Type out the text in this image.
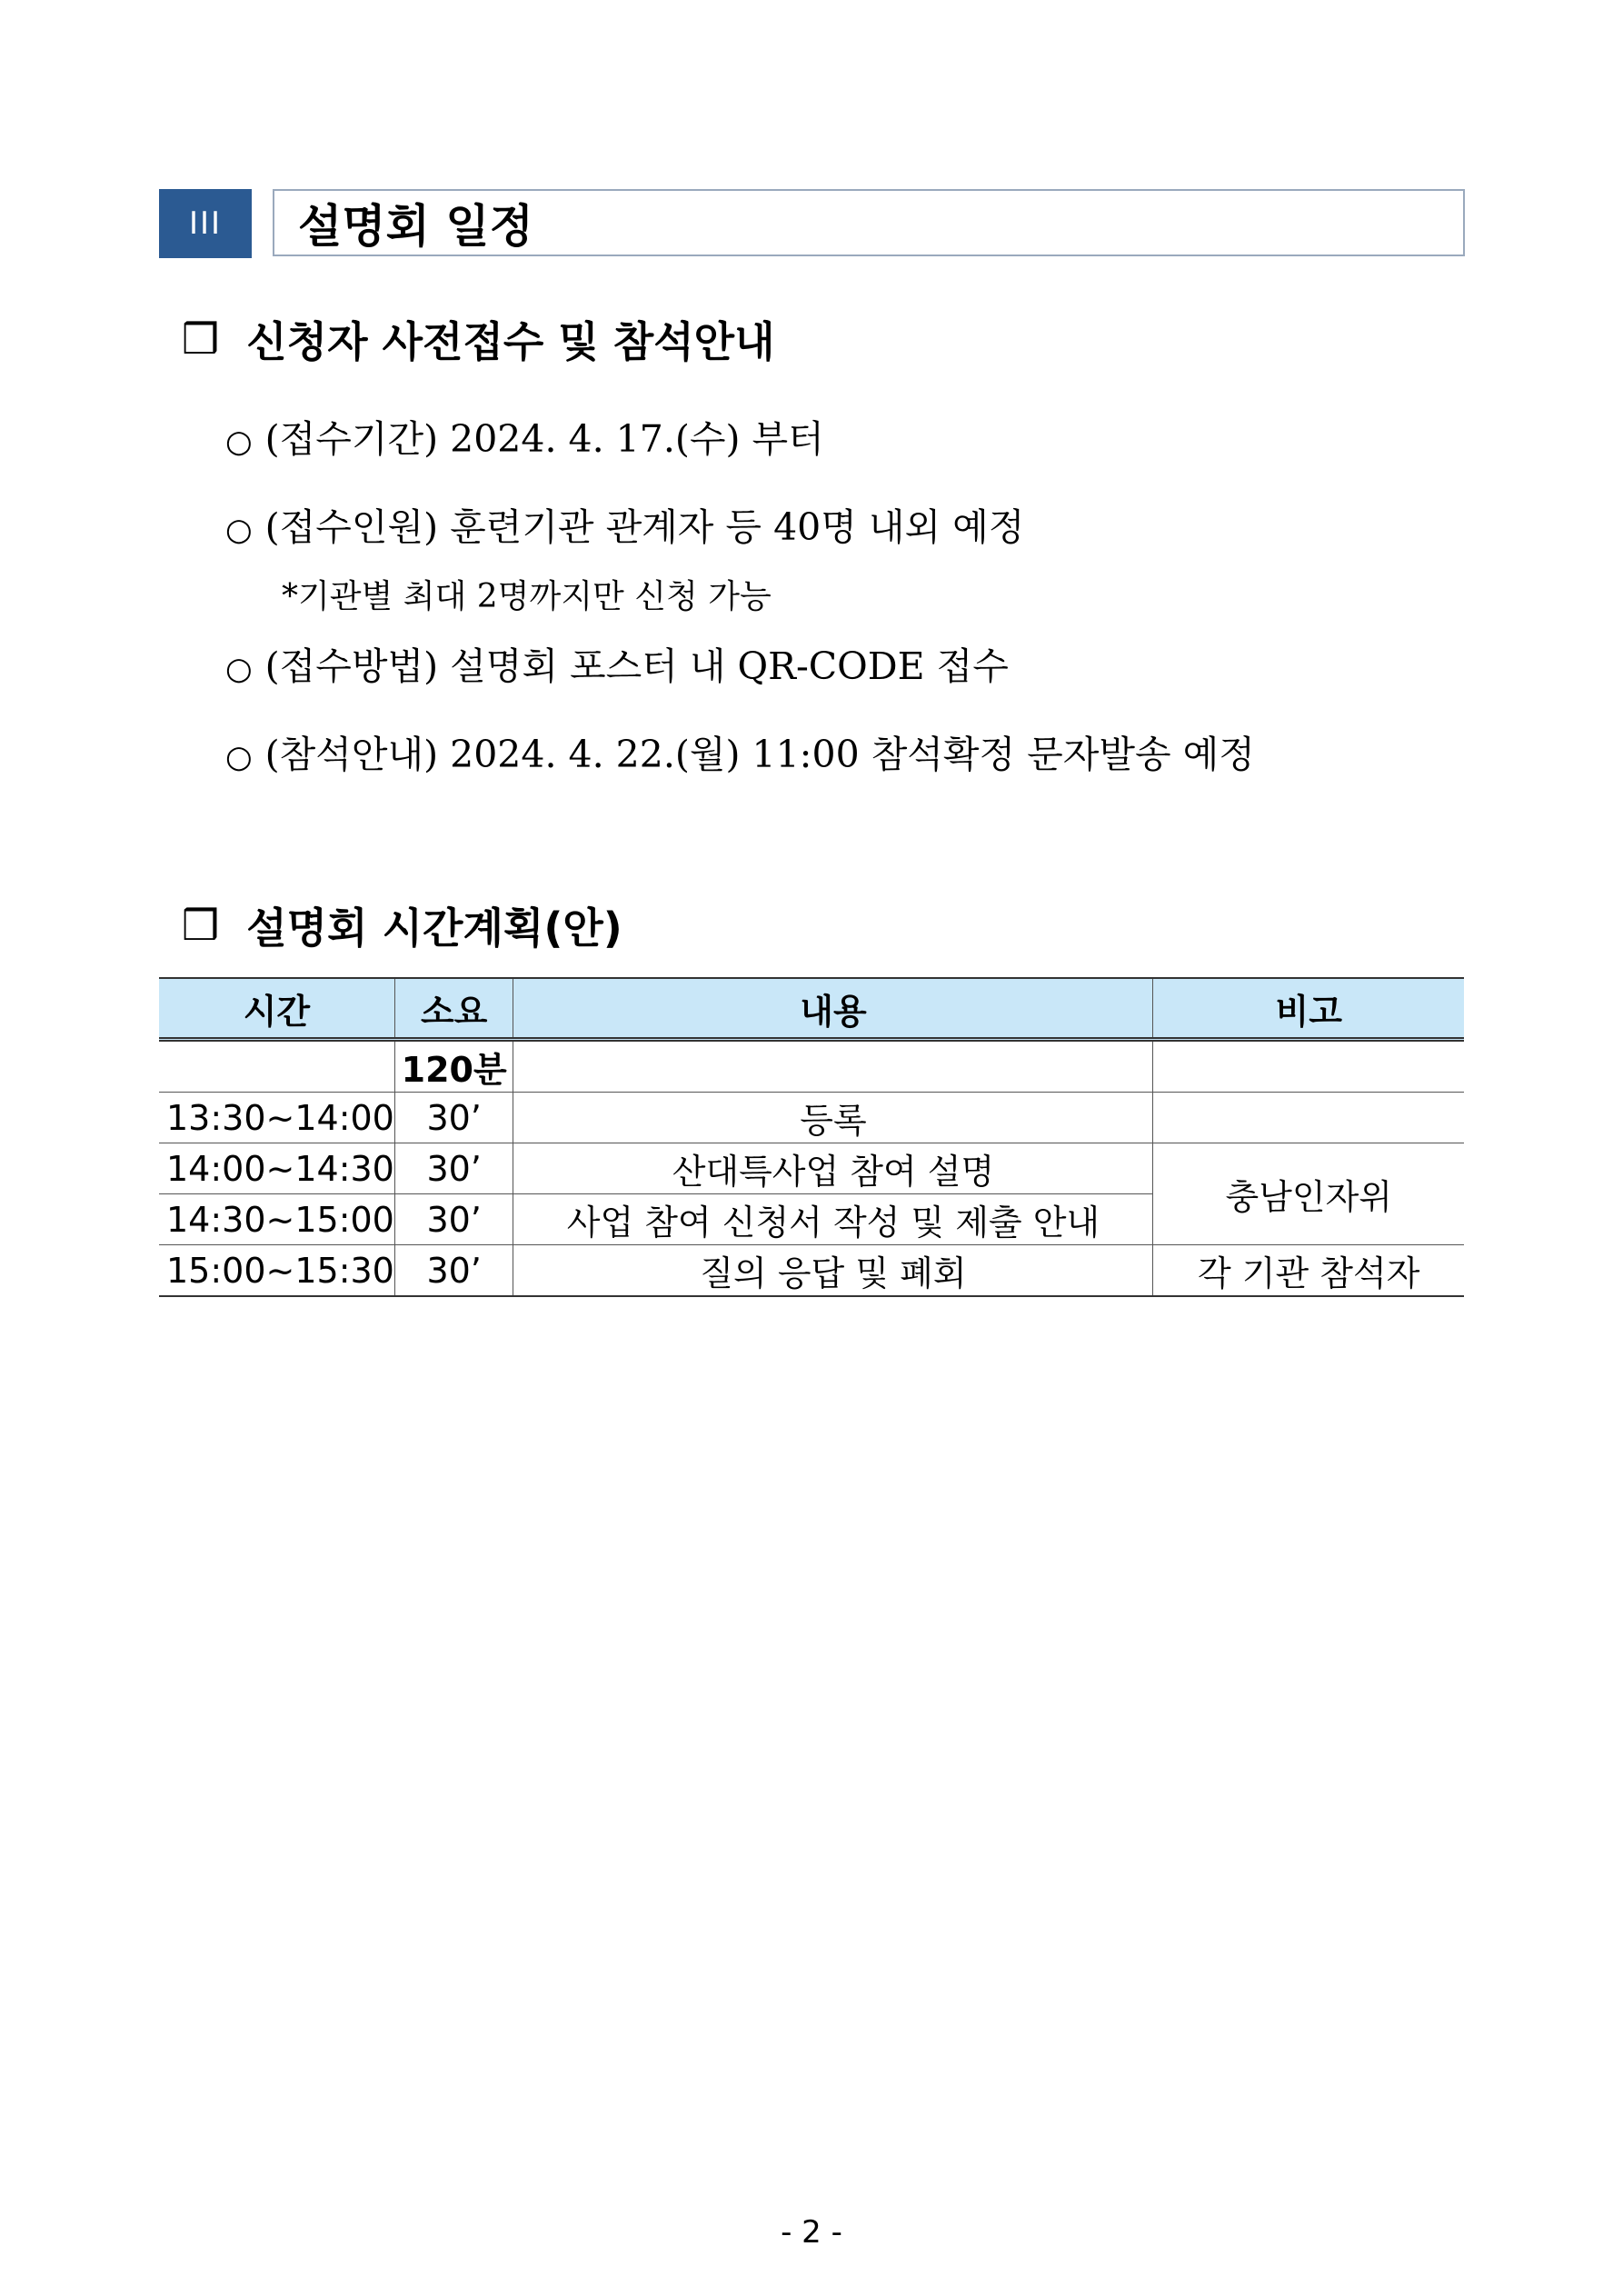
III	설명회 일정
❒ 신청자 사전접수 및 참석안내
○ (접수기간) 2024. 4. 17.(수) 부터
○ (접수인원) 훈련기관 관계자 등 40명 내외 예정
*기관별 최대 2명까지만 신청 가능
○ (접수방법) 설명회 포스터 내 QR-CODE 접수
○ (참석안내) 2024. 4. 22.(월) 11:00 참석확정 문자발송 예정
❒ 설명회 시간계획(안)
시간	소요	내용	비고
	120분		
13:30~14:00	30’	등록	
14:00~14:30	30’	산대특사업 참여 설명	충남인자위
14:30~15:00	30’	사업 참여 신청서 작성 및 제출 안내	
15:00~15:30	30’	질의 응답 및 폐회	각 기관 참석자
- 2 -
